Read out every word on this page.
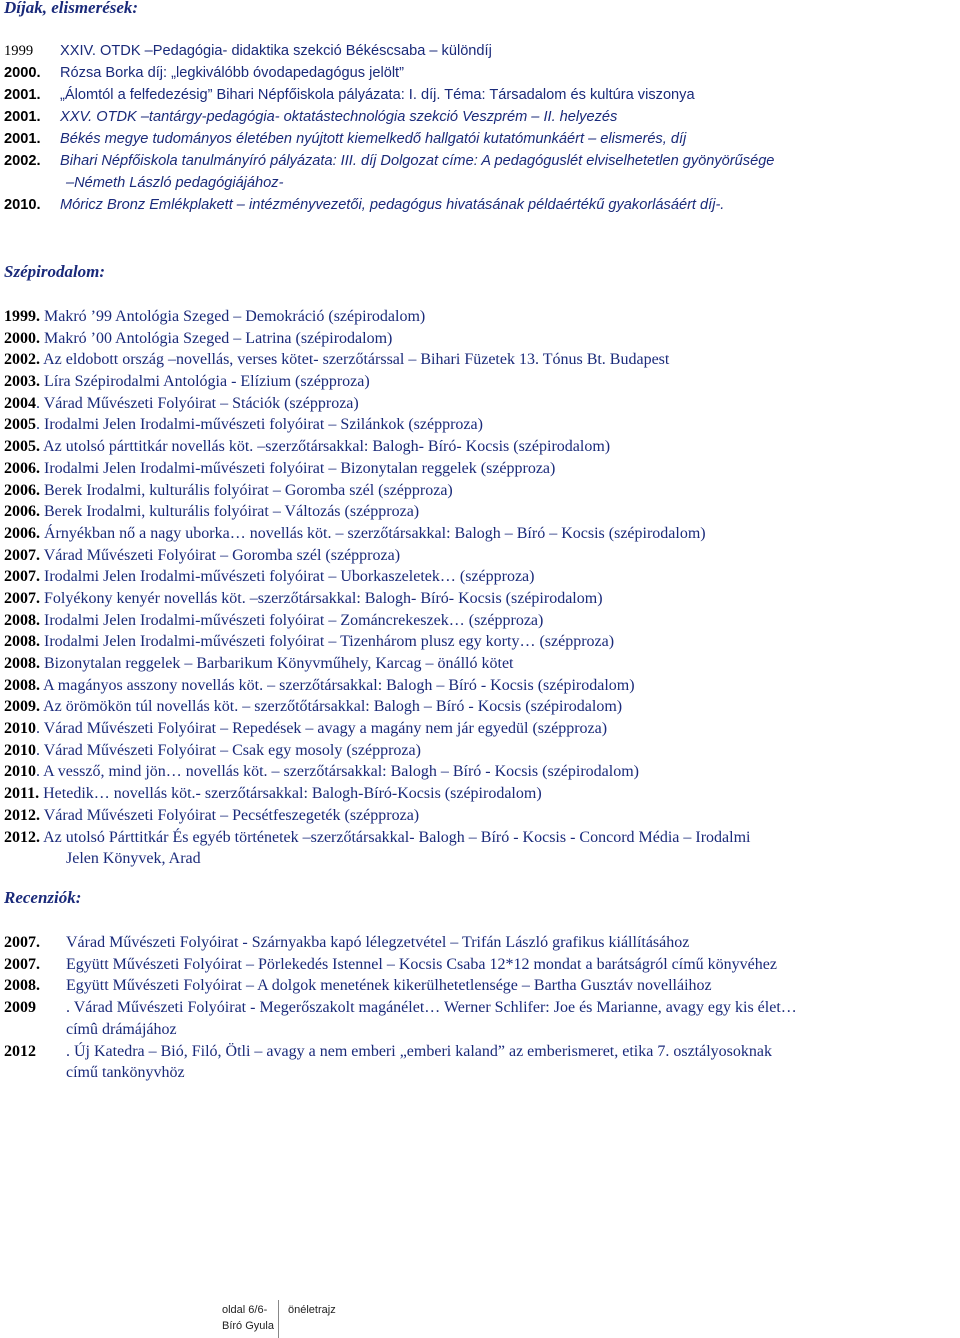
Díjak, elismerések:
1999 XXIV. OTDK –Pedagógia- didaktika szekció Békéscsaba – különdíj
2000. Rózsa Borka díj: „legkiválóbb óvodapedagógus jelölt”
2001. „Álomtól a felfedezésig” Bihari Népfőiskola pályázata: I. díj. Téma: Társadalom és kultúra viszonya
2001. XXV. OTDK –tantárgy-pedagógia- oktatástechnológia szekció Veszprém – II. helyezés
2001. Békés megye tudományos életében nyújtott kiemelkedő hallgatói kutatómunkáért – elismerés, díj
2002. Bihari Népfőiskola tanulmányíró pályázata: III. díj Dolgozat címe: A pedagóguslét elviselhetetlen gyönyörűsége
–Németh László pedagógiájához-
2010. Móricz Bronz Emlékplakett – intézményvezetői, pedagógus hivatásának példaértékű gyakorlásáért díj-.
Szépirodalom:
1999. Makró ’99 Antológia Szeged – Demokráció (szépirodalom)
2000. Makró ’00 Antológia Szeged – Latrina (szépirodalom)
2002. Az eldobott ország –novellás, verses kötet- szerzőtárssal – Bihari Füzetek 13. Tónus Bt. Budapest
2003. Líra Szépirodalmi Antológia - Elízium (szépproza)
2004. Várad Művészeti Folyóirat – Stációk (szépproza)
2005. Irodalmi Jelen Irodalmi-művészeti folyóirat – Szilánkok (szépproza)
2005. Az utolsó párttitkár novellás köt. –szerzőtársakkal: Balogh- Bíró- Kocsis (szépirodalom)
2006. Irodalmi Jelen Irodalmi-művészeti folyóirat – Bizonytalan reggelek (szépproza)
2006. Berek Irodalmi, kulturális folyóirat – Goromba szél (szépproza)
2006. Berek Irodalmi, kulturális folyóirat – Változás (szépproza)
2006. Árnyékban nő a nagy uborka… novellás köt. – szerzőtársakkal: Balogh – Bíró – Kocsis (szépirodalom)
2007. Várad Művészeti Folyóirat – Goromba szél (szépproza)
2007. Irodalmi Jelen Irodalmi-művészeti folyóirat – Uborkaszeletek… (szépproza)
2007. Folyékony kenyér novellás köt. –szerzőtársakkal: Balogh- Bíró- Kocsis (szépirodalom)
2008. Irodalmi Jelen Irodalmi-művészeti folyóirat – Zománcrekeszek… (szépproza)
2008. Irodalmi Jelen Irodalmi-művészeti folyóirat – Tizenhárom plusz egy korty… (szépproza)
2008. Bizonytalan reggelek – Barbarikum Könyvműhely, Karcag – önálló kötet
2008. A magányos asszony novellás köt. – szerzőtársakkal: Balogh – Bíró - Kocsis (szépirodalom)
2009. Az örömökön túl novellás köt. – szerzőtőtársakkal: Balogh – Bíró - Kocsis (szépirodalom)
2010. Várad Művészeti Folyóirat – Repedések – avagy a magány nem jár egyedül (szépproza)
2010. Várad Művészeti Folyóirat – Csak egy mosoly (szépproza)
2010. A vessző, mind jön… novellás köt. – szerzőtársakkal: Balogh – Bíró - Kocsis (szépirodalom)
2011. Hetedik… novellás köt.- szerzőtársakkal: Balogh-Bíró-Kocsis (szépirodalom)
2012. Várad Művészeti Folyóirat – Pecsétfeszegeték (szépproza)
2012. Az utolsó Párttitkár És egyéb történetek –szerzőtársakkal- Balogh – Bíró - Kocsis - Concord Média – Irodalmi
Jelen Könyvek, Arad
Recenziók:
2007. Várad Művészeti Folyóirat - Szárnyakba kapó lélegzetvétel – Trifán László grafikus kiállításához
2007. Együtt Művészeti Folyóirat – Pörlekedés Istennel – Kocsis Csaba 12*12 mondat a barátságról című könyvéhez
2008. Együtt Művészeti Folyóirat – A dolgok menetének kikerülhetetlensége – Bartha Gusztáv novelláihoz
2009 . Várad Művészeti Folyóirat - Megerőszakolt magánélet… Werner Schlifer: Joe és Marianne, avagy egy kis élet…
címû drámájához
2012 . Új Katedra – Bió, Filó, Ötli – avagy a nem emberi „emberi kaland” az emberismeret, etika 7. osztályosoknak
című tankönyvhöz
oldal 6/6-
Bíró Gyula
önéletrajz
